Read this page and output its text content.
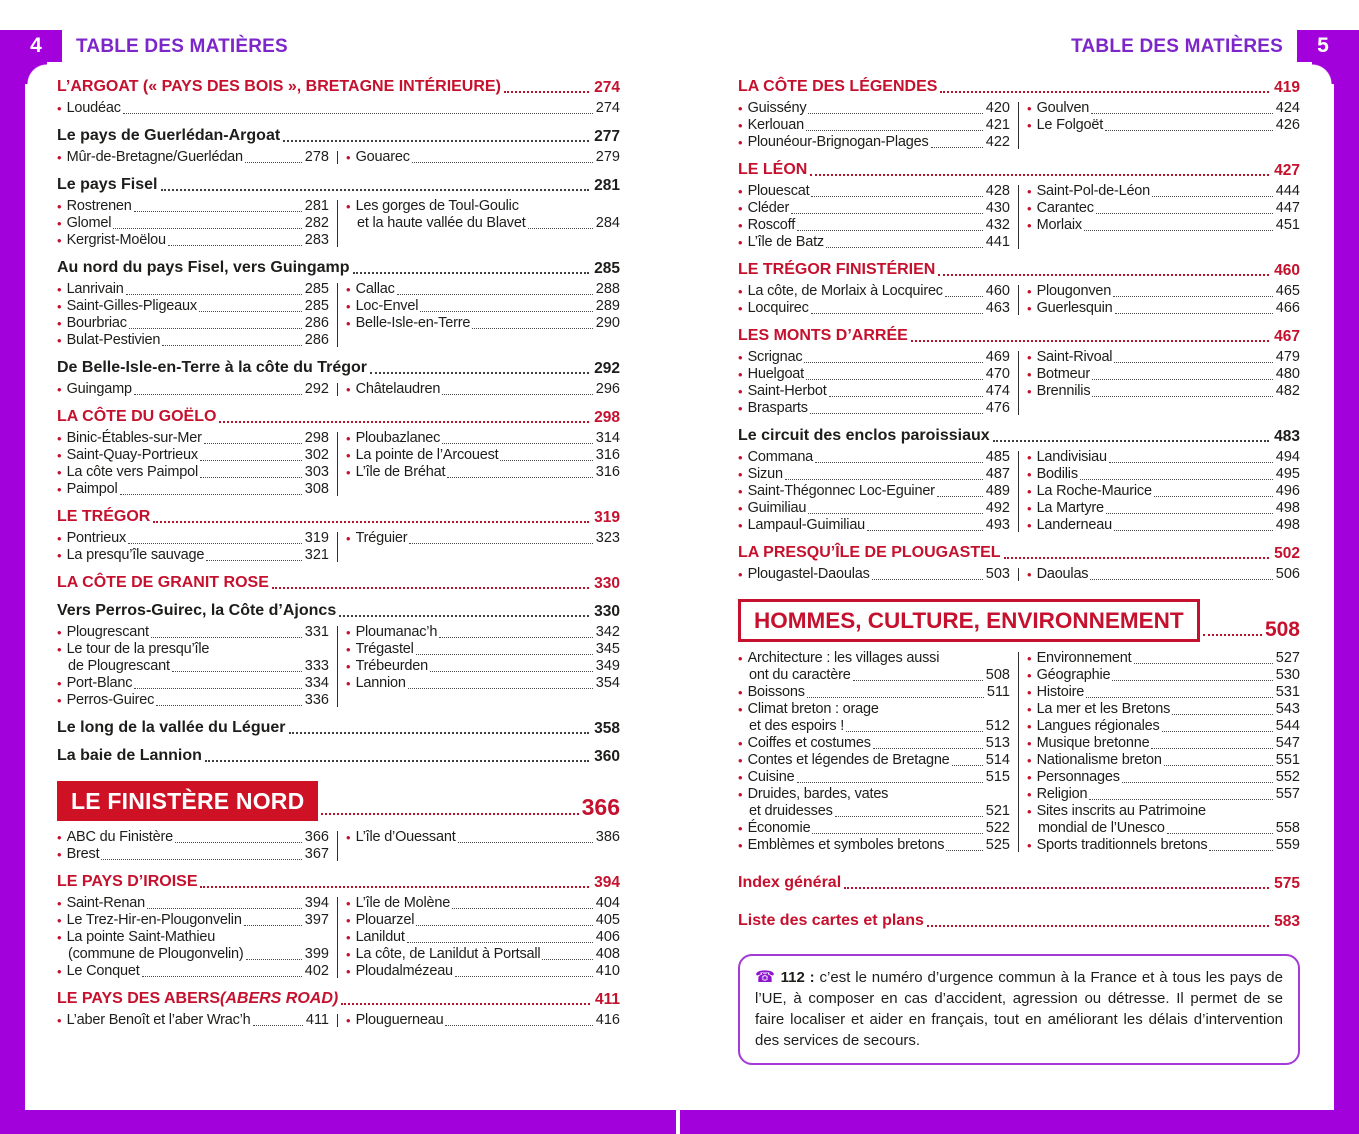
4	5
TABLE DES MATIÈRES	TABLE DES MATIÈRES
L’ARGOAT (« PAYS DES BOIS », BRETAGNE INTÉRIEURE)	274
• Loudéac	274
Le pays de Guerlédan-Argoat	277
• Mûr-de-Bretagne/Guerlédan	278 • Gouarec	279
Le pays Fisel	281
• Rostrenen	281
• Glomel	282
• Kergrist-Moëlou	283
• Les gorges de Toul-Goulic
et la haute vallée du Blavet	284
Au nord du pays Fisel, vers Guingamp	285
• Lanrivain	285
• Saint-Gilles-Pligeaux	285
• Bourbriac	286
• Bulat-Pestivien	286
• Callac	288
• Loc-Envel	289
• Belle-Isle-en-Terre	290
De Belle-Isle-en-Terre à la côte du Trégor	292
• Guingamp	292 • Châtelaudren	296
LA CÔTE DU GOËLO	298
• Binic-Étables-sur-Mer	298
• Saint-Quay-Portrieux	302
• La côte vers Paimpol	303
• Paimpol	308
• Ploubazlanec	314
• La pointe de l’Arcouest	316
• L’île de Bréhat	316
LE TRÉGOR	319
• Pontrieux	319
• La presqu’île sauvage	321
• Tréguier	323
LA CÔTE DE GRANIT ROSE	330
Vers Perros-Guirec, la Côte d’Ajoncs	330
• Plougrescant	331
• Le tour de la presqu’île
de Plougrescant	333
• Port-Blanc	334
• Perros-Guirec	336
• Ploumanac’h	342
• Trégastel	345
• Trébeurden	349
• Lannion	354
Le long de la vallée du Léguer	358
La baie de Lannion	360
LE FINISTÈRE NORD	366
• ABC du Finistère	366
• Brest	367
• L’île d’Ouessant	386
LE PAYS D’IROISE	394
• Saint-Renan	394
• Le Trez-Hir-en-Plougonvelin	397
• La pointe Saint-Mathieu
(commune de Plougonvelin)	399
• Le Conquet	402
• L’île de Molène	404
• Plouarzel	405
• Lanildut	406
• La côte, de Lanildut à Portsall	408
• Ploudalmézeau	410
LE PAYS DES ABERS (ABERS ROAD)	411
• L’aber Benoît et l’aber Wrac’h	411 • Plouguerneau	416
LA CÔTE DES LÉGENDES	419
• Guissény	420
• Kerlouan	421
• Plounéour-Brignogan-Plages	422
• Goulven	424
• Le Folgoët	426
LE LÉON	427
• Plouescat	428
• Cléder	430
• Roscoff	432
• L’île de Batz	441
• Saint-Pol-de-Léon	444
• Carantec	447
• Morlaix	451
LE TRÉGOR FINISTÉRIEN	460
• La côte, de Morlaix à Locquirec	460
• Locquirec	463
• Plougonven	465
• Guerlesquin	466
LES MONTS D’ARRÉE	467
• Scrignac	469
• Huelgoat	470
• Saint-Herbot	474
• Brasparts	476
• Saint-Rivoal	479
• Botmeur	480
• Brennilis	482
Le circuit des enclos paroissiaux	483
• Commana	485
• Sizun	487
• Saint-Thégonnec Loc-Eguiner	489
• Guimiliau	492
• Lampaul-Guimiliau	493
• Landivisiau	494
• Bodilis	495
• La Roche-Maurice	496
• La Martyre	498
• Landerneau	498
LA PRESQU’ÎLE DE PLOUGASTEL	502
• Plougastel-Daoulas	503 • Daoulas	506
HOMMES, CULTURE, ENVIRONNEMENT	508
• Architecture : les villages aussi
ont du caractère	508
• Boissons	511
• Climat breton : orage
et des espoirs !	512
• Coiffes et costumes	513
• Contes et légendes de Bretagne 514
• Cuisine	515
• Druides, bardes, vates
et druidesses	521
• Économie	522
• Emblèmes et symboles bretons	525
• Environnement	527
• Géographie	530
• Histoire	531
• La mer et les Bretons	543
• Langues régionales	544
• Musique bretonne	547
• Nationalisme breton	551
• Personnages	552
• Religion	557
• Sites inscrits au Patrimoine
mondial de l’Unesco	558
• Sports traditionnels bretons	559
Index général	575
Liste des cartes et plans	583
☎ 112 : c’est le numéro d’urgence commun à la France et à tous les pays de l’UE, à composer en cas d’accident, agression ou détresse. Il permet de se faire localiser et aider en français, tout en améliorant les délais d’intervention des services de secours.
